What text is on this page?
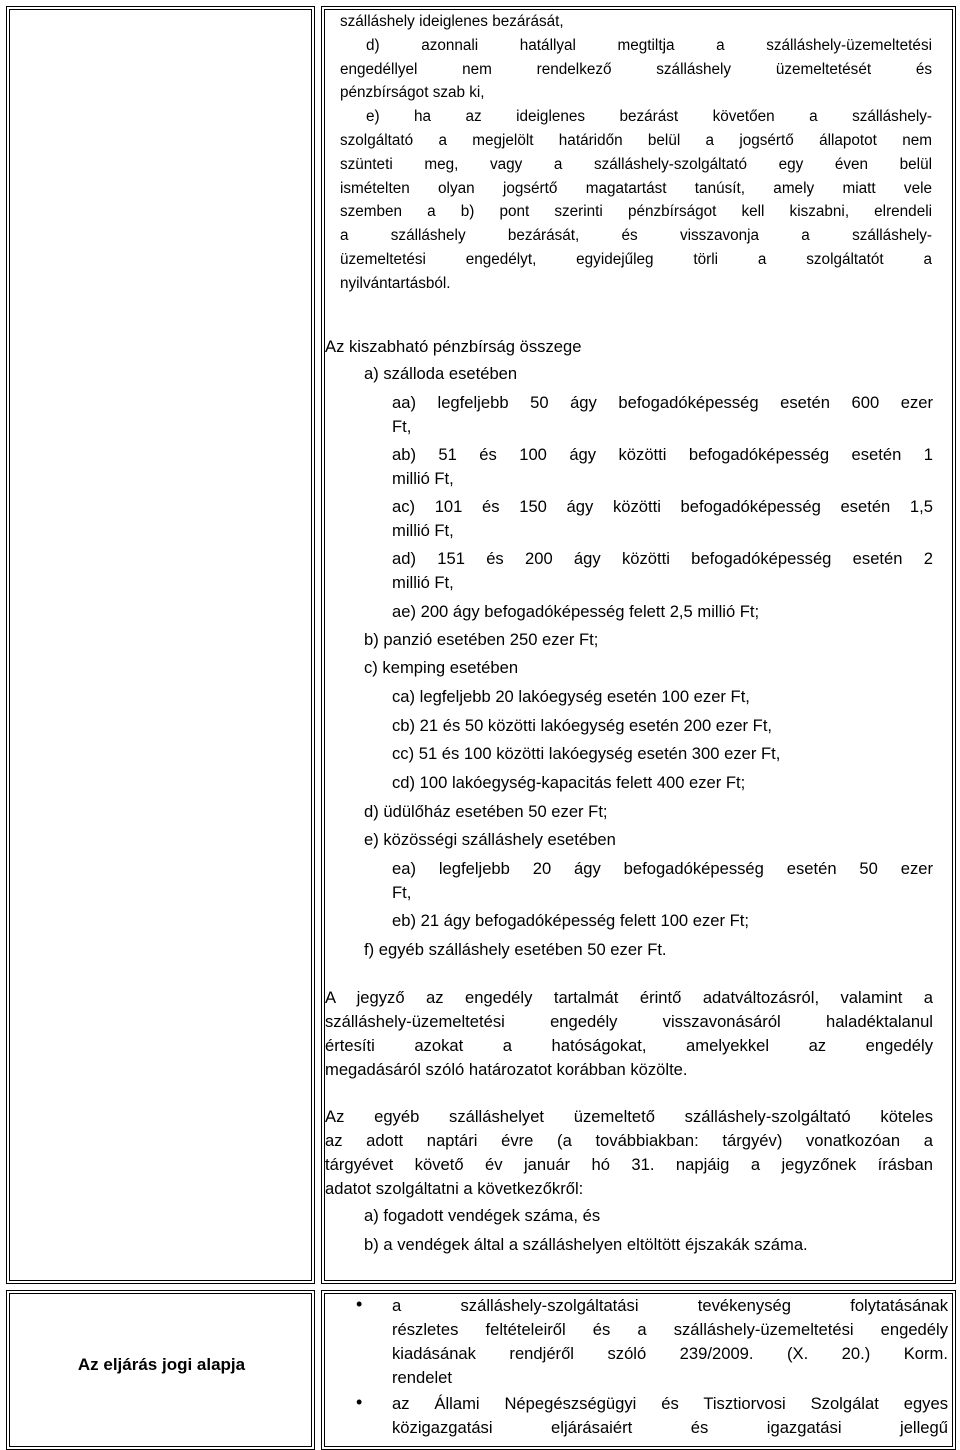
Az eljárás jogi alapja
szálláshely ideiglenes bezárását,
d) azonnali hatállyal megtiltja a szálláshely-üzemeltetési
engedéllyel nem rendelkező szálláshely üzemeltetését és
pénzbírságot szab ki,
e) ha az ideiglenes bezárást követően a szálláshely-
szolgáltató a megjelölt határidőn belül a jogsértő állapotot nem
szünteti meg, vagy a szálláshely-szolgáltató egy éven belül
ismételten olyan jogsértő magatartást tanúsít, amely miatt vele
szemben a b) pont szerinti pénzbírságot kell kiszabni, elrendeli
a szálláshely bezárását, és visszavonja a szálláshely-
üzemeltetési engedélyt, egyidejűleg törli a szolgáltatót a
nyilvántartásból.
Az kiszabható pénzbírság összege
a) szálloda esetében
aa) legfeljebb 50 ágy befogadóképesség esetén 600 ezer
Ft,
ab) 51 és 100 ágy közötti befogadóképesség esetén 1
millió Ft,
ac) 101 és 150 ágy közötti befogadóképesség esetén 1,5
millió Ft,
ad) 151 és 200 ágy közötti befogadóképesség esetén 2
millió Ft,
ae) 200 ágy befogadóképesség felett 2,5 millió Ft;
b) panzió esetében 250 ezer Ft;
c) kemping esetében
ca) legfeljebb 20 lakóegység esetén 100 ezer Ft,
cb) 21 és 50 közötti lakóegység esetén 200 ezer Ft,
cc) 51 és 100 közötti lakóegység esetén 300 ezer Ft,
cd) 100 lakóegység-kapacitás felett 400 ezer Ft;
d) üdülőház esetében 50 ezer Ft;
e) közösségi szálláshely esetében
ea) legfeljebb 20 ágy befogadóképesség esetén 50 ezer
Ft,
eb) 21 ágy befogadóképesség felett 100 ezer Ft;
f) egyéb szálláshely esetében 50 ezer Ft.
A jegyző az engedély tartalmát érintő adatváltozásról, valamint a
szálláshely-üzemeltetési engedély visszavonásáról haladéktalanul
értesíti azokat a hatóságokat, amelyekkel az engedély
megadásáról szóló határozatot korábban közölte.
Az egyéb szálláshelyet üzemeltető szálláshely-szolgáltató köteles
az adott naptári évre (a továbbiakban: tárgyév) vonatkozóan a
tárgyévet követő év január hó 31. napjáig a jegyzőnek írásban
adatot szolgáltatni a következőkről:
a) fogadott vendégek száma, és
b) a vendégek által a szálláshelyen eltöltött éjszakák száma.
• a szálláshely-szolgáltatási tevékenység folytatásának
részletes feltételeiről és a szálláshely-üzemeltetési engedély
kiadásának rendjéről szóló 239/2009. (X. 20.) Korm.
rendelet
• az Állami Népegészségügyi és Tisztiorvosi Szolgálat egyes
közigazgatási eljárásaiért és igazgatási jellegű
